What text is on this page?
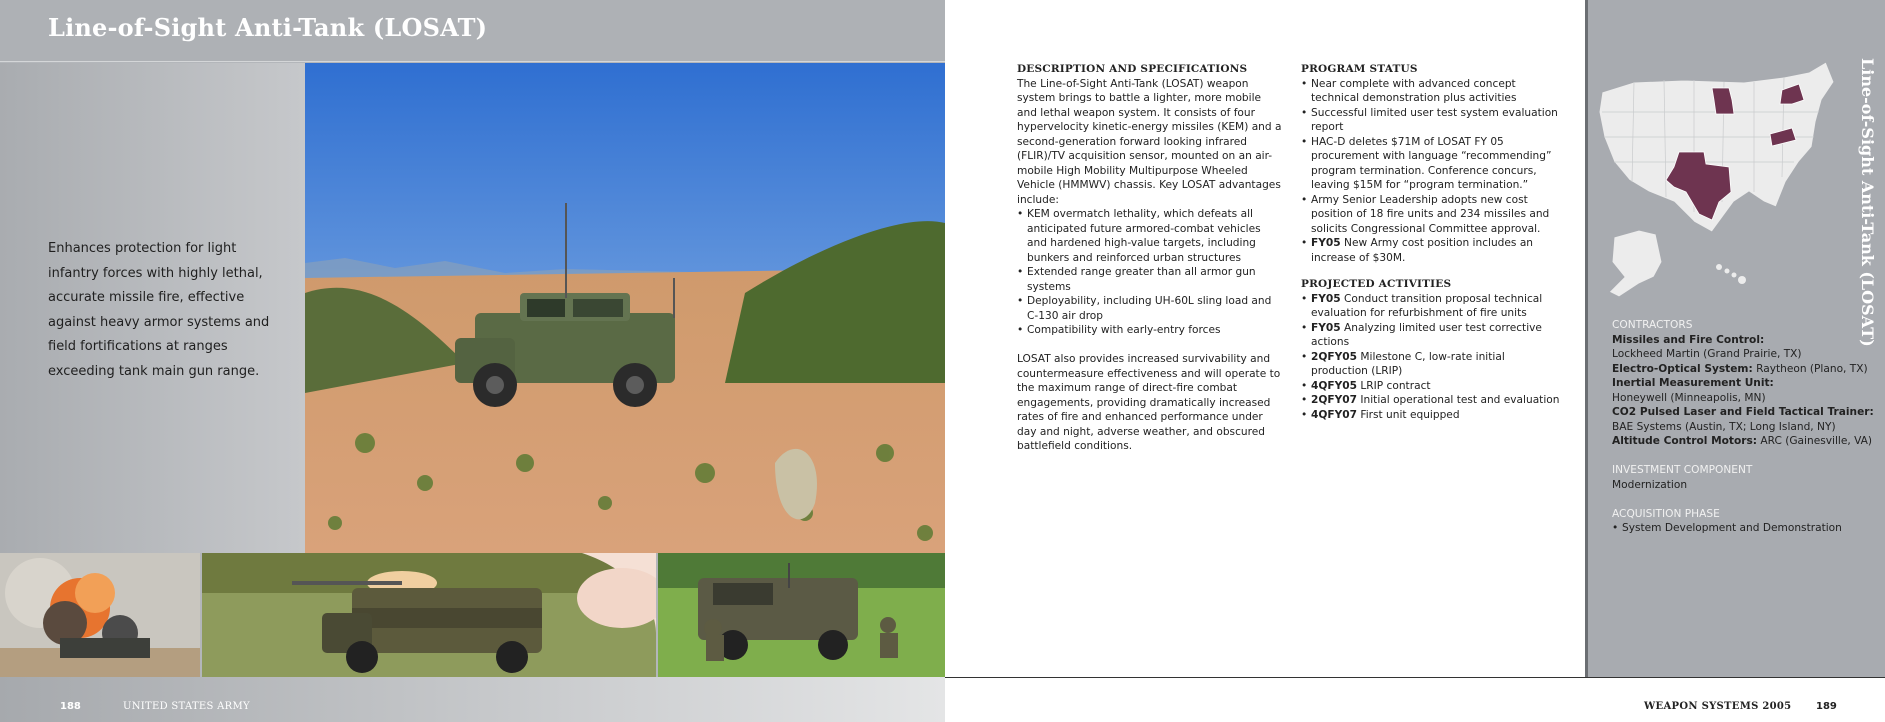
Line-of-Sight Anti-Tank (LOSAT)

Enhances protection for light infantry forces with highly lethal, accurate missile fire, effective against heavy armor systems and field fortifications at ranges exceeding tank main gun range.

188	UNITED STATES ARMY
DESCRIPTION AND SPECIFICATIONS

The Line-of-Sight Anti-Tank (LOSAT) weapon system brings to battle a lighter, more mobile and lethal weapon system. It consists of four hypervelocity kinetic-energy missiles (KEM) and a second-generation forward looking infrared (FLIR)/TV acquisition sensor, mounted on an air-mobile High Mobility Multipurpose Wheeled Vehicle (HMMWV) chassis. Key LOSAT advantages include:

• KEM overmatch lethality, which defeats all anticipated future armored-combat vehicles and hardened high-value targets, including bunkers and reinforced urban structures
• Extended range greater than all armor gun systems
• Deployability, including UH-60L sling load and C-130 air drop
• Compatibility with early-entry forces

LOSAT also provides increased survivability and countermeasure effectiveness and will operate to the maximum range of direct-fire combat engagements, providing dramatically increased rates of fire and enhanced performance under day and night, adverse weather, and obscured battlefield conditions.

PROGRAM STATUS
• Near complete with advanced concept technical demonstration plus activities
• Successful limited user test system evaluation report
• HAC-D deletes $71M of LOSAT FY 05 procurement with language “recommending” program termination. Conference concurs, leaving $15M for “program termination.”
• Army Senior Leadership adopts new cost position of 18 fire units and 234 missiles and solicits Congressional Committee approval.
• FY05 New Army cost position includes an increase of $30M.
PROJECTED ACTIVITIES
• FY05 Conduct transition proposal technical evaluation for refurbishment of fire units
• FY05 Analyzing limited user test corrective actions
• 2QFY05 Milestone C, low-rate initial production (LRIP)
• 4QFY05 LRIP contract
• 2QFY07 Initial operational test and evaluation
• 4QFY07 First unit equipped
Line-of-Sight Anti-Tank (LOSAT)
CONTRACTORS
Missiles and Fire Control:
Lockheed Martin (Grand Prairie, TX)
Electro-Optical System: Raytheon (Plano, TX)
Inertial Measurement Unit:
Honeywell (Minneapolis, MN)
CO2 Pulsed Laser and Field Tactical Trainer:
BAE Systems (Austin, TX; Long Island, NY)
Altitude Control Motors: ARC (Gainesville, VA)
INVESTMENT COMPONENT
Modernization
ACQUISITION PHASE
• System Development and Demonstration
WEAPON SYSTEMS 2005 189
